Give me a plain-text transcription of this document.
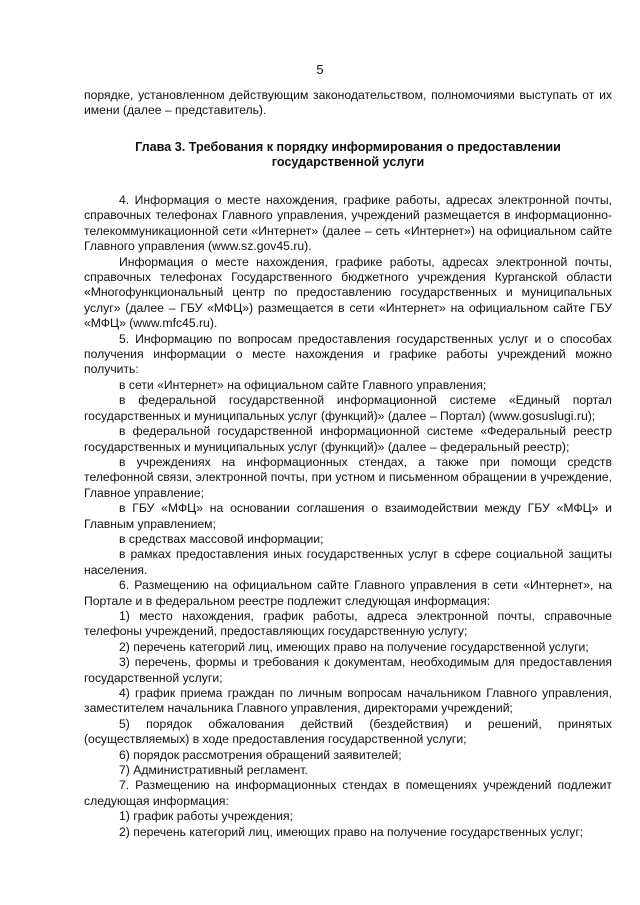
5

порядке, установленном действующим законодательством, полномочиями выступать от их имени (далее – представитель).

Глава 3. Требования к порядку информирования о предоставлении государственной услуги

4. Информация о месте нахождения, графике работы, адресах электронной почты, справочных телефонах Главного управления, учреждений размещается в информационно-телекоммуникационной сети «Интернет» (далее – сеть «Интернет») на официальном сайте Главного управления (www.sz.gov45.ru).

Информация о месте нахождения, графике работы, адресах электронной почты, справочных телефонах Государственного бюджетного учреждения Курганской области «Многофункциональный центр по предоставлению государственных и муниципальных услуг» (далее – ГБУ «МФЦ») размещается в сети «Интернет» на официальном сайте ГБУ «МФЦ» (www.mfc45.ru).

5. Информацию по вопросам предоставления государственных услуг и о способах получения информации о месте нахождения и графике работы учреждений можно получить:

в сети «Интернет» на официальном сайте Главного управления;

в федеральной государственной информационной системе «Единый портал государственных и муниципальных услуг (функций)» (далее – Портал) (www.gosuslugi.ru);

в федеральной государственной информационной системе «Федеральный реестр государственных и муниципальных услуг (функций)» (далее – федеральный реестр);

в учреждениях на информационных стендах, а также при помощи средств телефонной связи, электронной почты, при устном и письменном обращении в учреждение, Главное управление;

в ГБУ «МФЦ» на основании соглашения о взаимодействии между ГБУ «МФЦ» и Главным управлением;

в средствах массовой информации;

в рамках предоставления иных государственных услуг в сфере социальной защиты населения.

6. Размещению на официальном сайте Главного управления в сети «Интернет», на Портале и в федеральном реестре подлежит следующая информация:

1) место нахождения, график работы, адреса электронной почты, справочные телефоны учреждений, предоставляющих государственную услугу;

2) перечень категорий лиц, имеющих право на получение государственной услуги;

3) перечень, формы и требования к документам, необходимым для предоставления государственной услуги;

4) график приема граждан по личным вопросам начальником Главного управления, заместителем начальника Главного управления, директорами учреждений;

5) порядок обжалования действий (бездействия) и решений, принятых (осуществляемых) в ходе предоставления государственной услуги;

6) порядок рассмотрения обращений заявителей;

7) Административный регламент.

7. Размещению на информационных стендах в помещениях учреждений подлежит следующая информация:

1) график работы учреждения;

2) перечень категорий лиц, имеющих право на получение государственных услуг;
